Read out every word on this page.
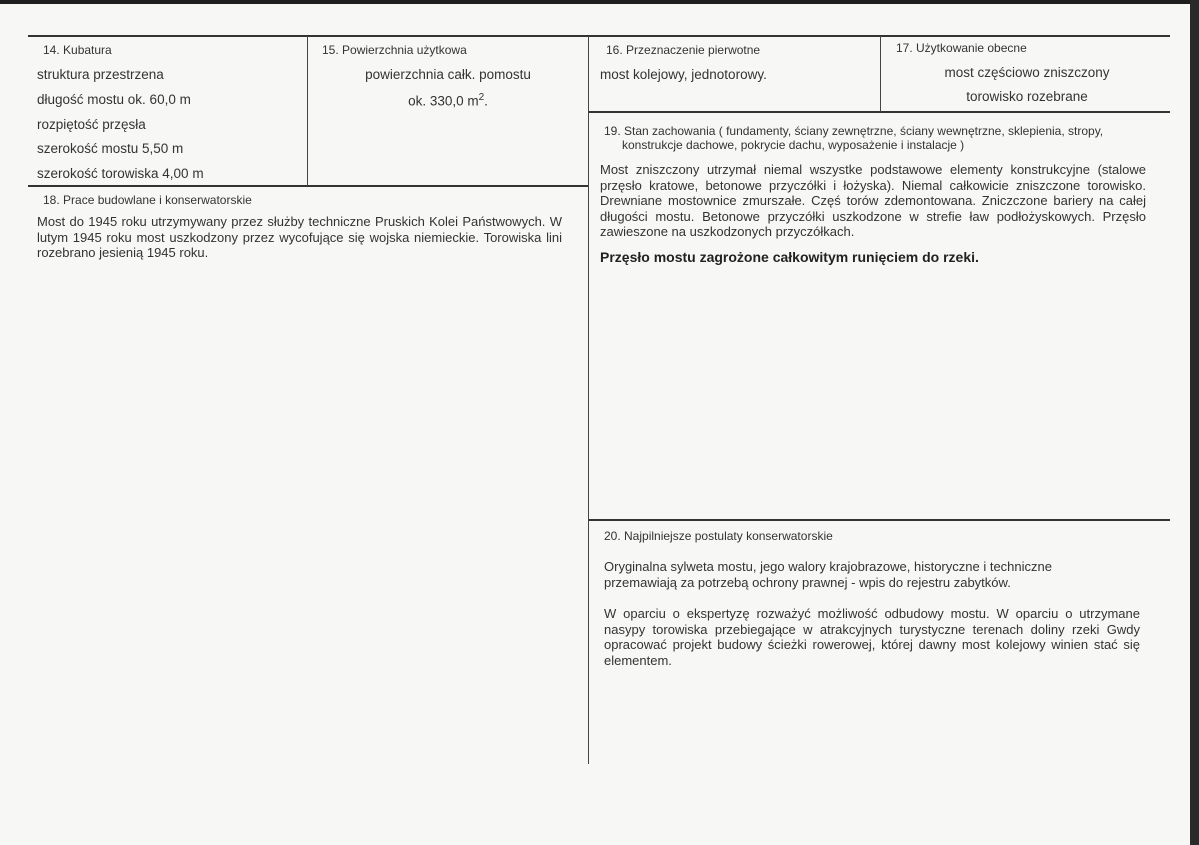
14. Kubatura
struktura przestrzena
długość mostu ok. 60,0 m
rozpiętość przęsła
szerokość mostu 5,50 m
szerokość torowiska 4,00 m
15. Powierzchnia użytkowa
powierzchnia całk. pomostu
ok. 330,0 $m^2$.
16. Przeznaczenie pierwotne
most kolejowy, jednotorowy.
17. Użytkowanie obecne
most częściowo zniszczony
torowisko rozebrane
18. Prace budowlane i konserwatorskie
Most do 1945 roku utrzymywany przez służby techniczne Pruskich Kolei Państwowych. W lutym 1945 roku most uszkodzony przez wycofujące się wojska niemieckie. Torowiska lini rozebrano jesienią 1945 roku.
19. Stan zachowania ( fundamenty, ściany zewnętrzne, ściany wewnętrzne, sklepienia, stropy,
konstrukcje dachowe, pokrycie dachu, wyposażenie i instalacje )
Most zniszczony utrzymał niemal wszystke podstawowe elementy konstrukcyjne (stalowe przęsło kratowe, betonowe przyczółki i łożyska). Niemal całkowicie zniszczone torowisko. Drewniane mostownice zmurszałe. Częś torów zdemontowana. Zniczczone bariery na całej długości mostu. Betonowe przyczółki uszkodzone w strefie ław podłożyskowych. Przęsło zawieszone na uszkodzonych przyczółkach.
Przęsło mostu zagrożone całkowitym runięciem do rzeki.
20. Najpilniejsze postulaty konserwatorskie
Oryginalna sylweta mostu, jego walory krajobrazowe, historyczne i techniczne przemawiają za potrzebą ochrony prawnej - wpis do rejestru zabytków.
W oparciu o ekspertyzę rozważyć możliwość odbudowy mostu. W oparciu o utrzymane nasypy torowiska przebiegające w atrakcyjnych turystyczne terenach doliny rzeki Gwdy opracować projekt budowy ścieżki rowerowej, której dawny most kolejowy winien stać się elementem.
